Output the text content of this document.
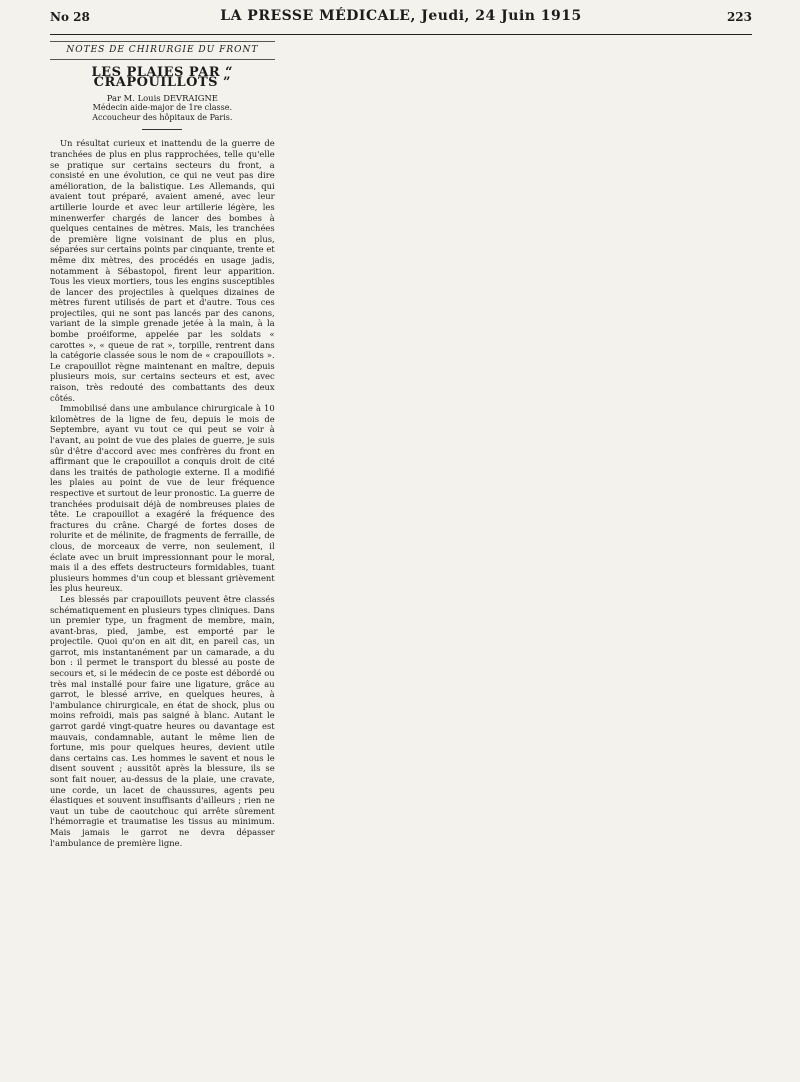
No 28	LA PRESSE MÉDICALE, Jeudi, 24 Juin 1915	223
NOTES DE CHIRURGIE DU FRONT
LES PLAIES PAR “ CRAPOUILLOTS ”
Par M. Louis DEVRAIGNE
Médecin aide-major de 1re classe.
Accoucheur des hôpitaux de Paris.

Un résultat curieux et inattendu de la guerre de tranchées de plus en plus rapprochées, telle qu'elle se pratique sur certains secteurs du front, a consisté en une évolution, ce qui ne veut pas dire amélioration, de la balistique. Les Allemands, qui avaient tout préparé, avaient amené, avec leur artillerie lourde et avec leur artillerie légère, les minenwerfer chargés de lancer des bombes à quelques centaines de mètres. Mais, les tranchées de première ligne voisinant de plus en plus, séparées sur certains points par cinquante, trente et même dix mètres, des procédés en usage jadis, notamment à Sébastopol, firent leur apparition. Tous les vieux mortiers, tous les engins susceptibles de lancer des projectiles à quelques dizaines de mètres furent utilisés de part et d'autre. Tous ces projectiles, qui ne sont pas lancés par des canons, variant de la simple grenade jetée à la main, à la bombe proéiforme, appelée par les soldats « carottes », « queue de rat », torpille, rentrent dans la catégorie classée sous le nom de « crapouillots ». Le crapouillot règne maintenant en maître, depuis plusieurs mois, sur certains secteurs et est, avec raison, très redouté des combattants des deux côtés.

Immobilisé dans une ambulance chirurgicale à 10 kilomètres de la ligne de feu, depuis le mois de Septembre, ayant vu tout ce qui peut se voir à l'avant, au point de vue des plaies de guerre, je suis sûr d'être d'accord avec mes confrères du front en affirmant que le crapouillot a conquis droit de cité dans les traités de pathologie externe. Il a modifié les plaies au point de vue de leur fréquence respective et surtout de leur pronostic. La guerre de tranchées produisait déjà de nombreuses plaies de tête. Le crapouillot a exagéré la fréquence des fractures du crâne. Chargé de fortes doses de rolurite et de mélinite, de fragments de ferraille, de clous, de morceaux de verre, non seulement, il éclate avec un bruit impressionnant pour le moral, mais il a des effets destructeurs formidables, tuant plusieurs hommes d'un coup et blessant grièvement les plus heureux.

Les blessés par crapouillots peuvent être classés schématiquement en plusieurs types cliniques. Dans un premier type, un fragment de membre, main, avant-bras, pied, jambe, est emporté par le projectile. Quoi qu'on en ait dit, en pareil cas, un garrot, mis instantanément par un camarade, a du bon : il permet le transport du blessé au poste de secours et, si le médecin de ce poste est débordé ou très mal installé pour faire une ligature, grâce au garrot, le blessé arrive, en quelques heures, à l'ambulance chirurgicale, en état de shock, plus ou moins refroidi, mais pas saigné à blanc. Autant le garrot gardé vingt-quatre heures ou davantage est mauvais, condamnable, autant le même lien de fortune, mis pour quelques heures, devient utile dans certains cas. Les hommes le savent et nous le disent souvent ; aussitôt après la blessure, ils se sont fait nouer, au-dessus de la plaie, une cravate, une corde, un lacet de chaussures, agents peu élastiques et souvent insuffisants d'ailleurs ; rien ne vaut un tube de caoutchouc qui arrête sûrement l'hémorragie et traumatise les tissus au minimum. Mais jamais le garrot ne devra dépasser l'ambulance de première ligne.
